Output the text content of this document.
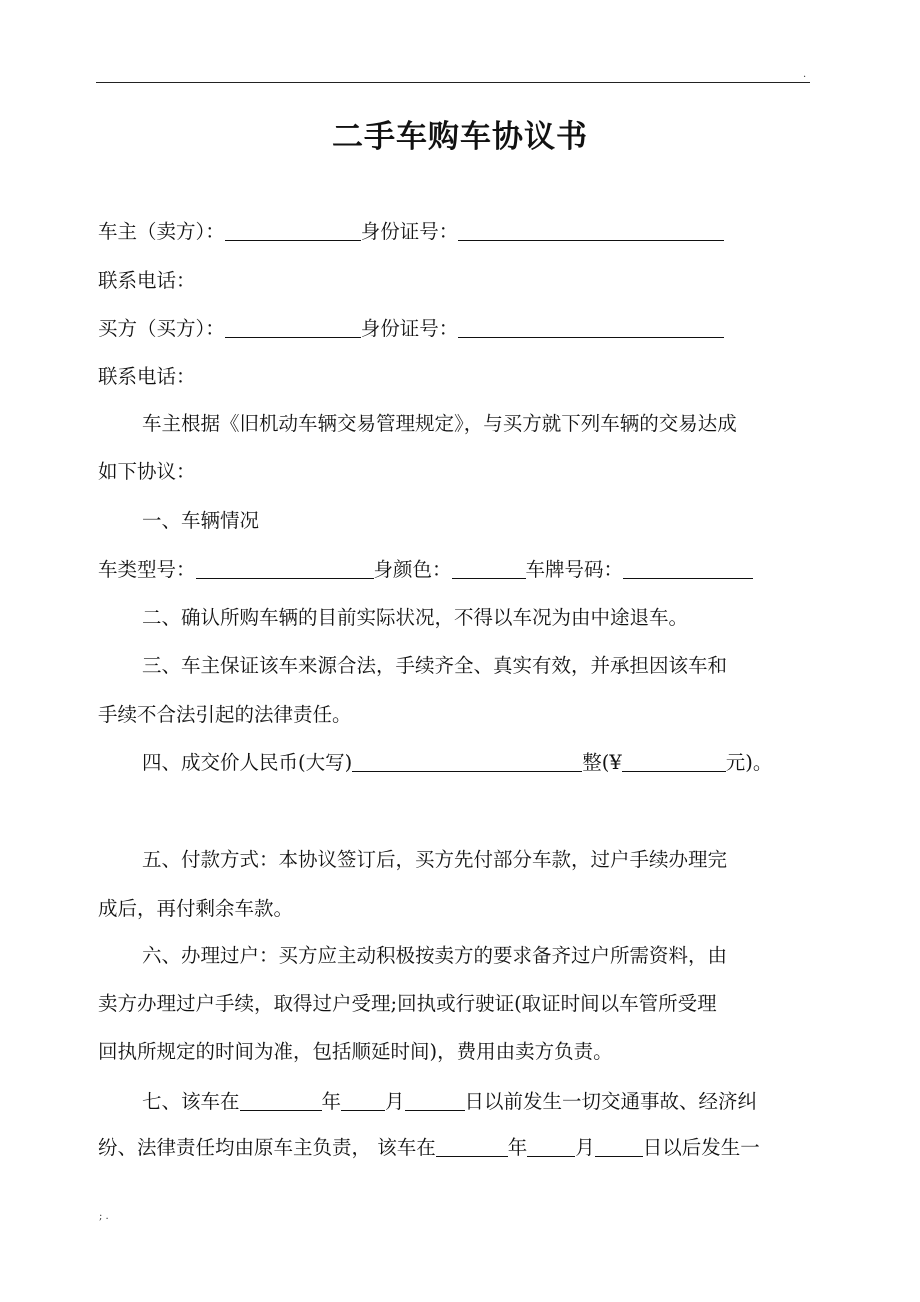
.
二手车购车协议书
车主（卖方）：	身份证号：
联系电话：
买方（买方）：	身份证号：
联系电话：
车主根据《旧机动车辆交易管理规定》，与买方就下列车辆的交易达成
如下协议：
一、车辆情况
车类型号：	身颜色：	车牌号码：
二、确认所购车辆的目前实际状况，不得以车况为由中途退车。
三、车主保证该车来源合法，手续齐全、真实有效，并承担因该车和
手续不合法引起的法律责任。
四、成交价人民币(大写)	整(¥	元)。
五、付款方式：本协议签订后，买方先付部分车款，过户手续办理完
成后，再付剩余车款。
六、办理过户：买方应主动积极按卖方的要求备齐过户所需资料，由
卖方办理过户手续，取得过户受理;回执或行驶证(取证时间以车管所受理
回执所规定的时间为准，包括顺延时间)，费用由卖方负责。
七、该车在	年 月	日以前发生一切交通事故、经济纠
纷、法律责任均由原车主负责， 该车在	年 月 日以后发生一
; .
